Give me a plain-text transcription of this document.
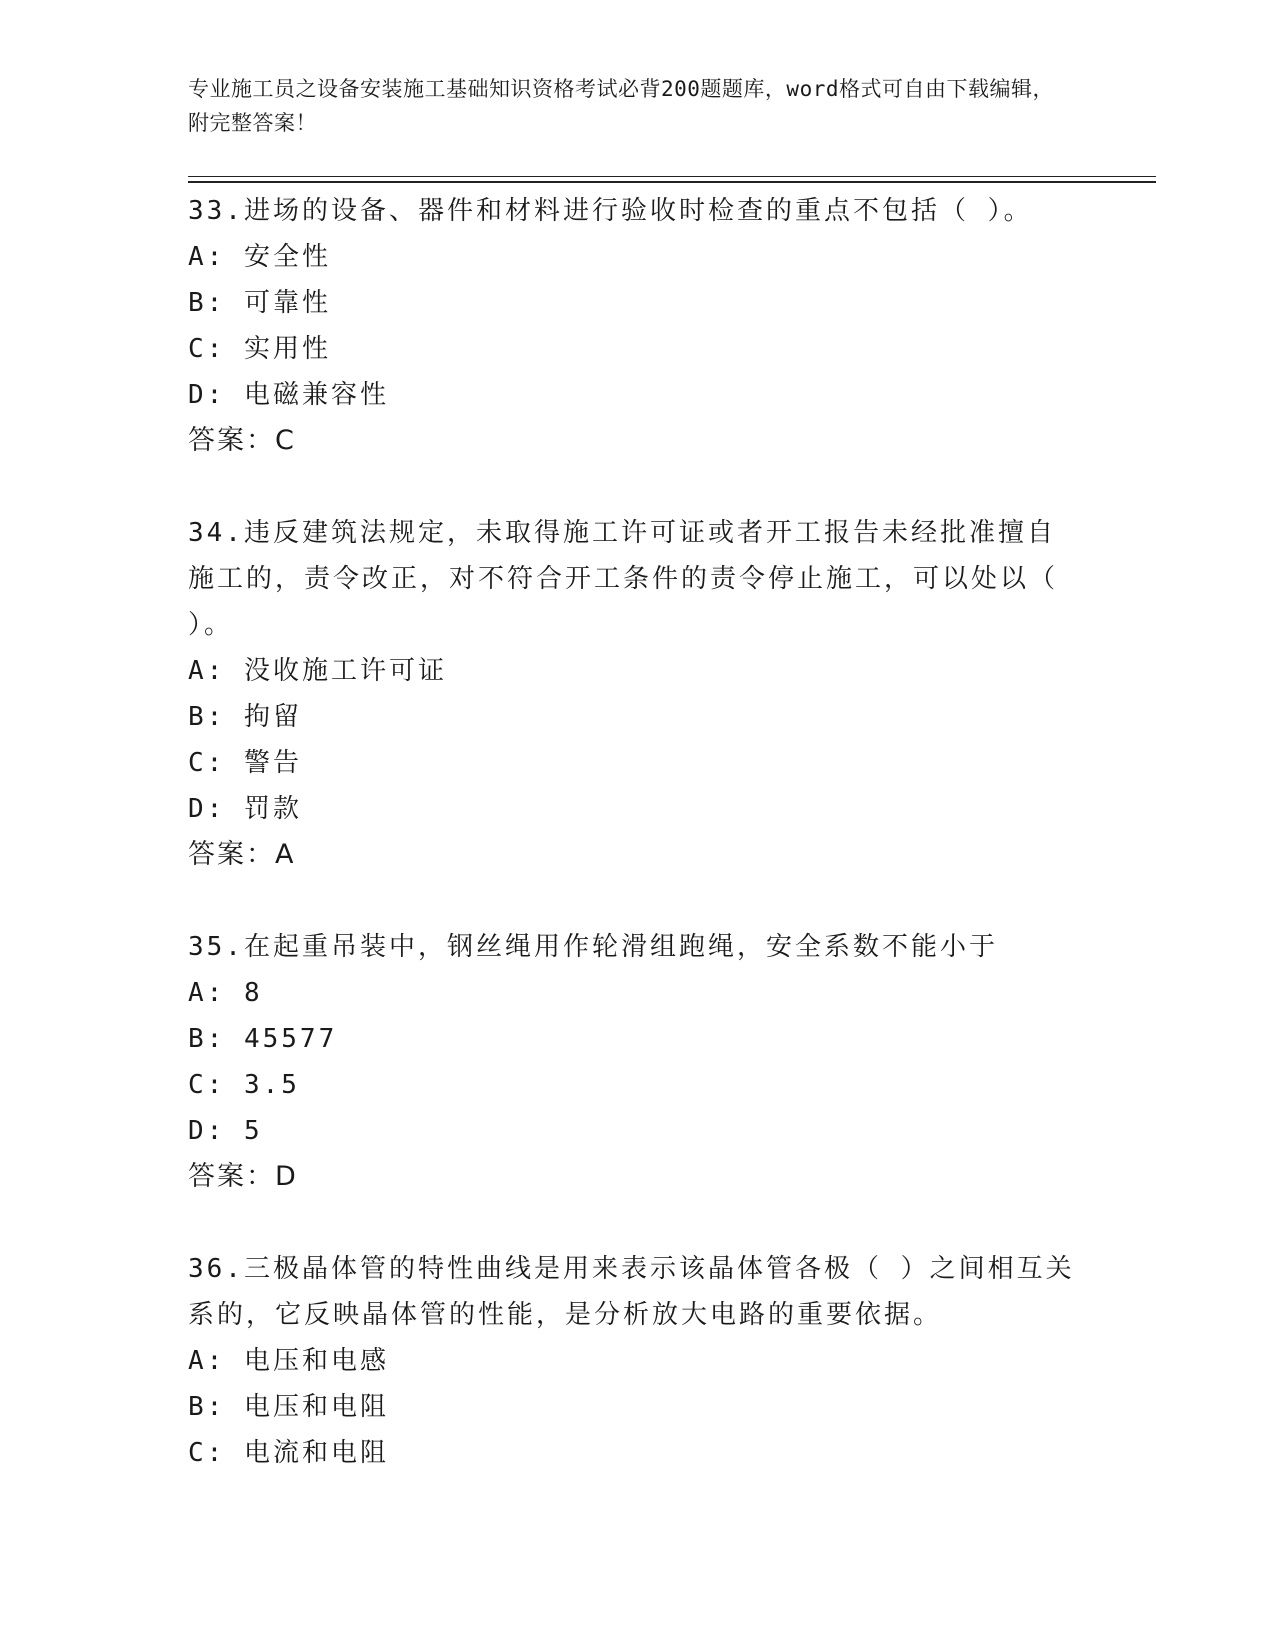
专业施工员之设备安装施工基础知识资格考试必背200题题库，word格式可自由下载编辑，附完整答案！

33.进场的设备、器件和材料进行验收时检查的重点不包括（ ）。

A: 安全性

B: 可靠性

C: 实用性

D: 电磁兼容性

答案：C

34.违反建筑法规定，未取得施工许可证或者开工报告未经批准擅自施工的，责令改正，对不符合开工条件的责令停止施工，可以处以（ ）。

A: 没收施工许可证

B: 拘留

C: 警告

D: 罚款

答案：A

35.在起重吊装中，钢丝绳用作轮滑组跑绳，安全系数不能小于

A: 8

B: 45577

C: 3.5

D: 5

答案：D

36.三极晶体管的特性曲线是用来表示该晶体管各极（ ）之间相互关系的，它反映晶体管的性能，是分析放大电路的重要依据。

A: 电压和电感

B: 电压和电阻

C: 电流和电阻
